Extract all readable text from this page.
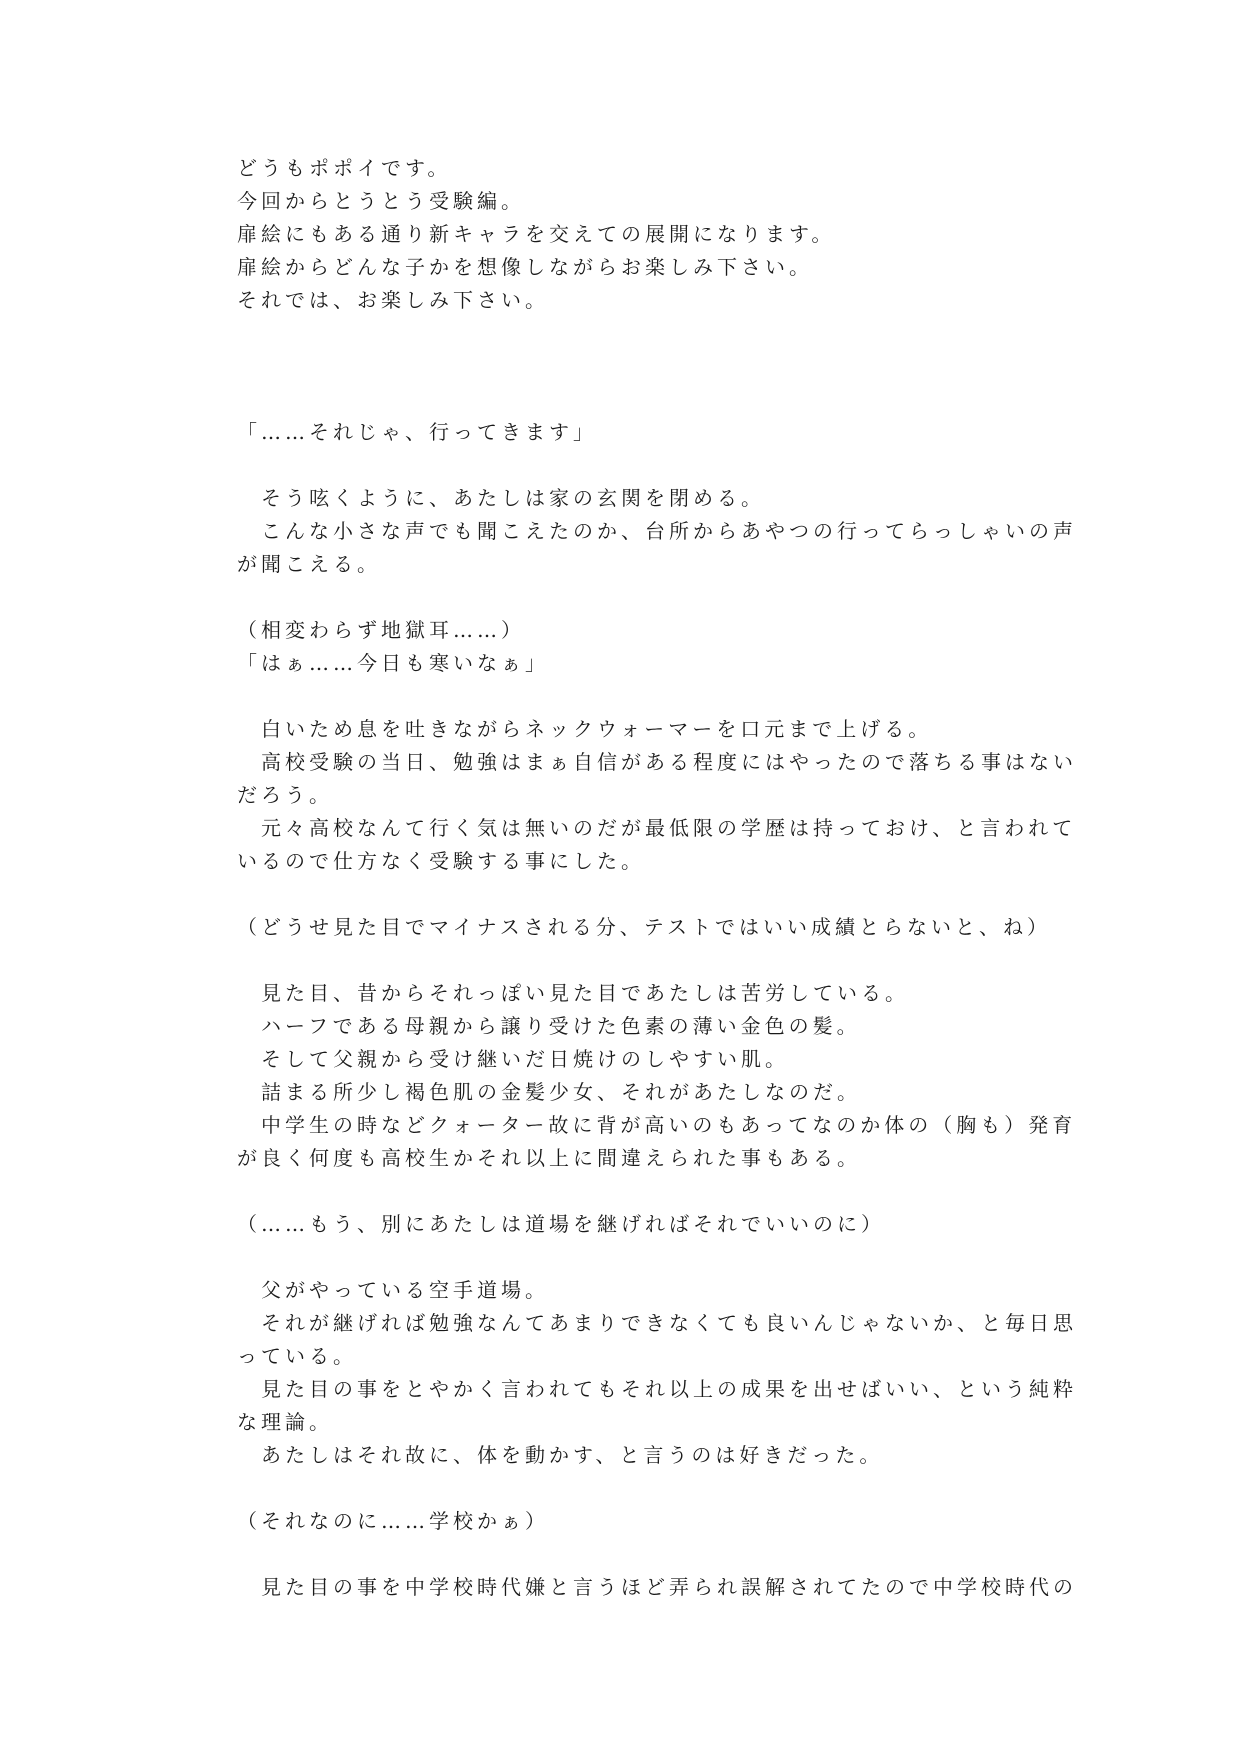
どうもポポイです。
今回からとうとう受験編。
扉絵にもある通り新キャラを交えての展開になります。
扉絵からどんな子かを想像しながらお楽しみ下さい。
それでは、お楽しみ下さい。
「……それじゃ、行ってきます」
　そう呟くように、あたしは家の玄関を閉める。
　こんな小さな声でも聞こえたのか、台所からあやつの行ってらっしゃいの声
が聞こえる。
（相変わらず地獄耳……）
「はぁ……今日も寒いなぁ」
　白いため息を吐きながらネックウォーマーを口元まで上げる。
　高校受験の当日、勉強はまぁ自信がある程度にはやったので落ちる事はない
だろう。
　元々高校なんて行く気は無いのだが最低限の学歴は持っておけ、と言われて
いるので仕方なく受験する事にした。
（どうせ見た目でマイナスされる分、テストではいい成績とらないと、ね）
　見た目、昔からそれっぽい見た目であたしは苦労している。
　ハーフである母親から譲り受けた色素の薄い金色の髪。
　そして父親から受け継いだ日焼けのしやすい肌。
　詰まる所少し褐色肌の金髪少女、それがあたしなのだ。
　中学生の時などクォーター故に背が高いのもあってなのか体の（胸も）発育
が良く何度も高校生かそれ以上に間違えられた事もある。
（……もう、別にあたしは道場を継げればそれでいいのに）
　父がやっている空手道場。
　それが継げれば勉強なんてあまりできなくても良いんじゃないか、と毎日思
っている。
　見た目の事をとやかく言われてもそれ以上の成果を出せばいい、という純粋
な理論。
　あたしはそれ故に、体を動かす、と言うのは好きだった。
（それなのに……学校かぁ）
　見た目の事を中学校時代嫌と言うほど弄られ誤解されてたので中学校時代の
